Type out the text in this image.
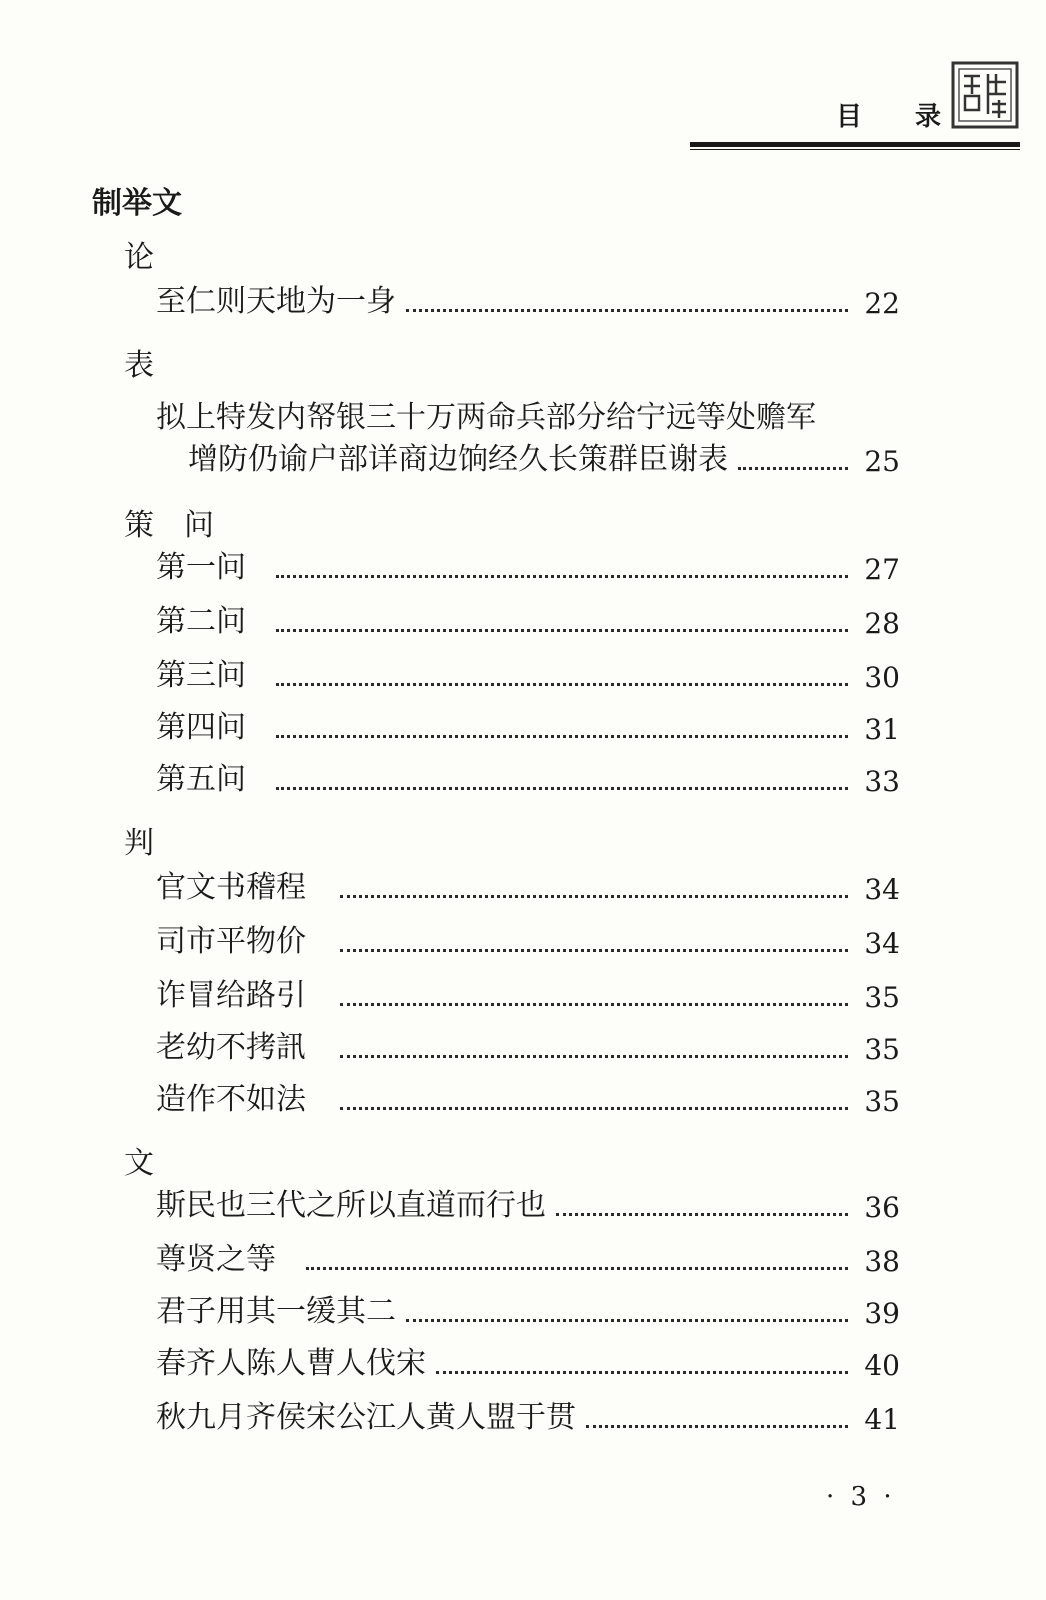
目 录
制举文
论
至仁则天地为一身	22
表
拟上特发内帑银三十万两命兵部分给宁远等处赡军
增防仍谕户部详商边饷经久长策群臣谢表	25
策　问
第一问	27
第二问	28
第三问	30
第四问	31
第五问	33
判
官文书稽程	34
司市平物价	34
诈冒给路引	35
老幼不拷訊	35
造作不如法	35
文
斯民也三代之所以直道而行也	36
尊贤之等	38
君子用其一缓其二	39
春齐人陈人曹人伐宋	40
秋九月齐侯宋公江人黄人盟于贯	41
· 3 ·
